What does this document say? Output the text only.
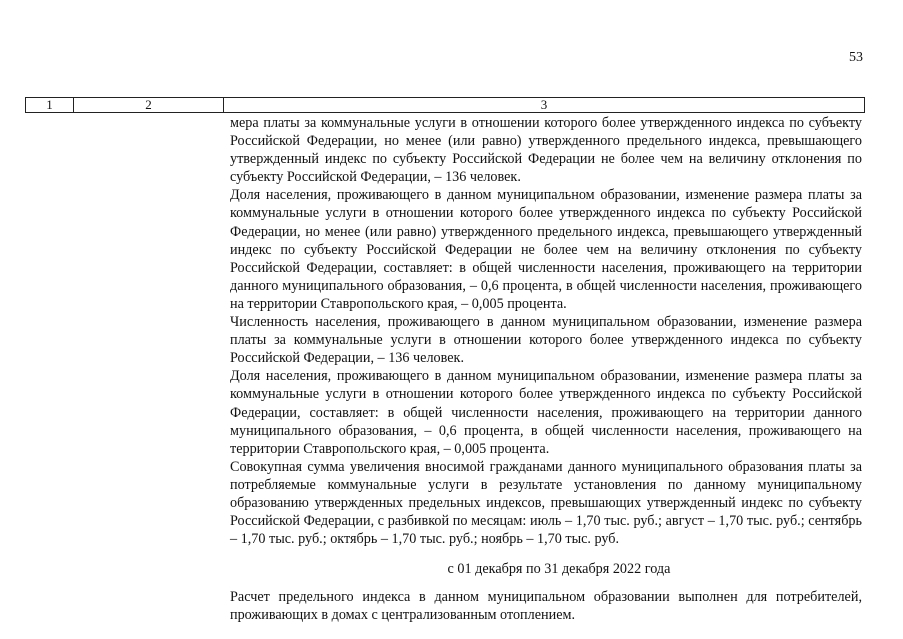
53
1	2	3

мера платы за коммунальные услуги в отношении которого более утвержденного индекса по субъекту Российской Федерации, но менее (или равно) утвержденного предельного индекса, превышающего утвержденный индекс по субъекту Российской Федерации не более чем на величину отклонения по субъекту Российской Федерации, – 136 человек.

Доля населения, проживающего в данном муниципальном образовании, изменение размера платы за коммунальные услуги в отношении которого более утвержденного индекса по субъекту Российской Федерации, но менее (или равно) утвержденного предельного индекса, превышающего утвержденный индекс по субъекту Российской Федерации не более чем на величину отклонения по субъекту Российской Федерации, составляет: в общей численности населения, проживающего на территории данного муниципального образования, – 0,6 процента, в общей численности населения, проживающего на территории Ставропольского края, – 0,005 процента.

Численность населения, проживающего в данном муниципальном образовании, изменение размера платы за коммунальные услуги в отношении которого более утвержденного индекса по субъекту Российской Федерации, – 136 человек.

Доля населения, проживающего в данном муниципальном образовании, изменение размера платы за коммунальные услуги в отношении которого более утвержденного индекса по субъекту Российской Федерации, составляет: в общей численности населения, проживающего на территории данного муниципального образования, – 0,6 процента, в общей численности населения, проживающего на территории Ставропольского края, – 0,005 процента.

Совокупная сумма увеличения вносимой гражданами данного муниципального образования платы за потребляемые коммунальные услуги в результате установления по данному муниципальному образованию утвержденных предельных индексов, превышающих утвержденный индекс по субъекту Российской Федерации, с разбивкой по месяцам: июль – 1,70 тыс. руб.; август – 1,70 тыс. руб.; сентябрь – 1,70 тыс. руб.; октябрь – 1,70 тыс. руб.; ноябрь – 1,70 тыс. руб.

с 01 декабря по 31 декабря 2022 года

Расчет предельного индекса в данном муниципальном образовании выполнен для потребителей, проживающих в домах с централизованным отоплением.
